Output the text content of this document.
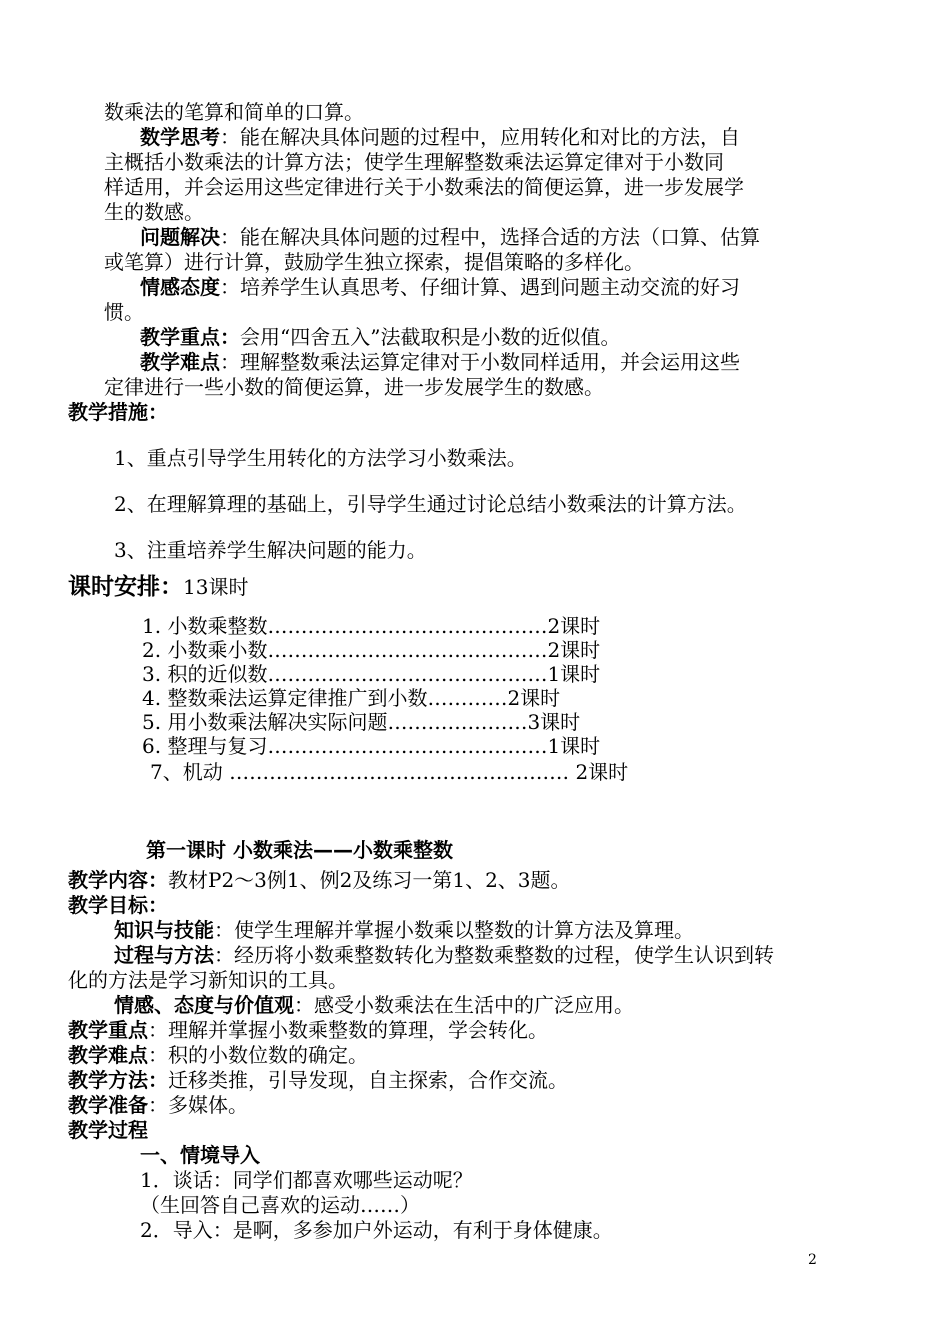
数乘法的笔算和简单的口算。
数学思考：能在解决具体问题的过程中，应用转化和对比的方法，自
主概括小数乘法的计算方法；使学生理解整数乘法运算定律对于小数同
样适用，并会运用这些定律进行关于小数乘法的简便运算，进一步发展学
生的数感。
问题解决：能在解决具体问题的过程中，选择合适的方法（口算、估算
或笔算）进行计算，鼓励学生独立探索，提倡策略的多样化。
情感态度：培养学生认真思考、仔细计算、遇到问题主动交流的好习
惯。
教学重点：会用“四舍五入”法截取积是小数的近似值。
教学难点：理解整数乘法运算定律对于小数同样适用，并会运用这些
定律进行一些小数的简便运算，进一步发展学生的数感。
教学措施：
1、重点引导学生用转化的方法学习小数乘法。
2、在理解算理的基础上，引导学生通过讨论总结小数乘法的计算方法。
3、注重培养学生解决问题的能力。
课时安排：13课时
1. 小数乘整数……………………………………2课时
2. 小数乘小数……………………………………2课时
3. 积的近似数……………………………………1课时
4. 整数乘法运算定律推广到小数…………2课时
5. 用小数乘法解决实际问题…………………3课时
6. 整理与复习……………………………………1课时
7、机动 …………………………………………… 2课时
第一课时 小数乘法——小数乘整数
教学内容：教材P2～3例1、例2及练习一第1、2、3题。
教学目标：
知识与技能：使学生理解并掌握小数乘以整数的计算方法及算理。
过程与方法：经历将小数乘整数转化为整数乘整数的过程，使学生认识到转
化的方法是学习新知识的工具。
情感、态度与价值观：感受小数乘法在生活中的广泛应用。
教学重点：理解并掌握小数乘整数的算理，学会转化。
教学难点：积的小数位数的确定。
教学方法：迁移类推，引导发现，自主探索，合作交流。
教学准备：多媒体。
教学过程
一、情境导入
1．谈话：同学们都喜欢哪些运动呢？
（生回答自己喜欢的运动……）
2．导入：是啊，多参加户外运动，有利于身体健康。
2
